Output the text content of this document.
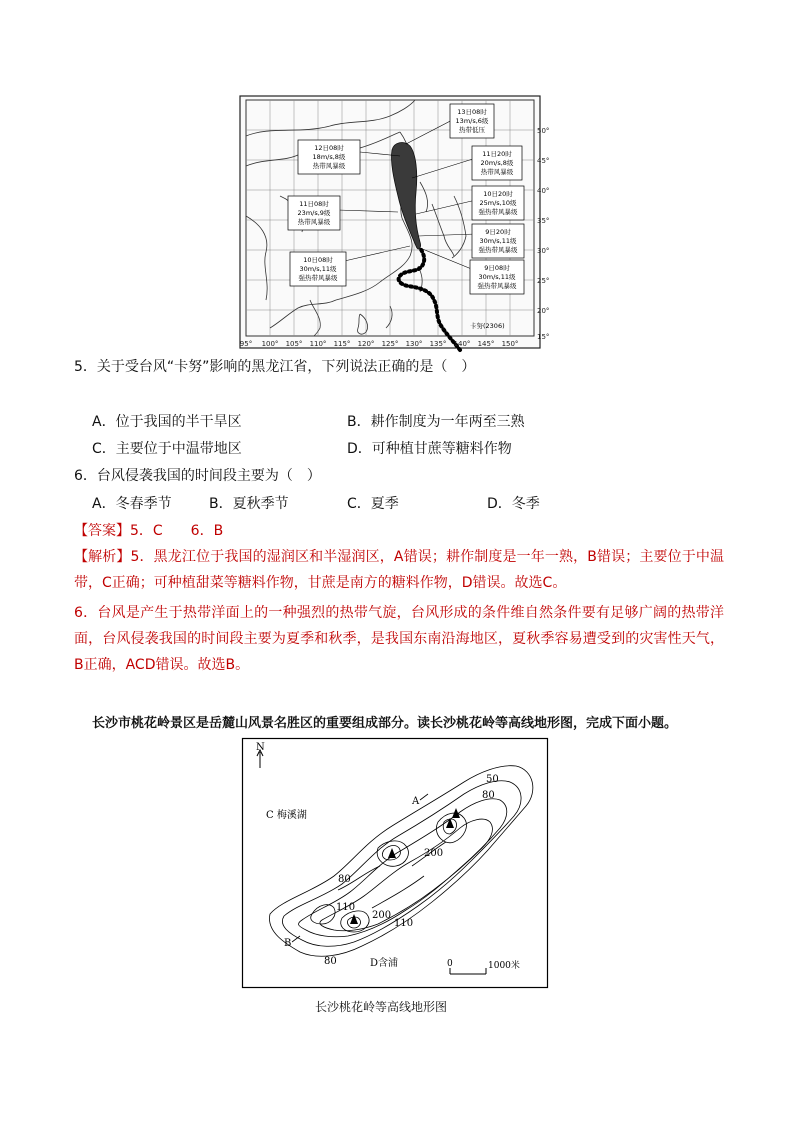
13日08时
13m/s,6级
热带低压
12日08时
18m/s,8级
热带风暴级
11日20时
20m/s,8级
热带风暴级
11日08时
23m/s,9级
热带风暴级
10日20时
25m/s,10级
强热带风暴级
9日20时
30m/s,11级
强热带风暴级
10日08时
30m/s,11级
强热带风暴级
9日08时
30m/s,11级
强热带风暴级
卡努(2306)
50°
45°
40°
35°
30°
25°
20°
15°
95° 100° 105° 110° 115° 120° 125° 130° 135° 140° 145° 150°
5．关于受台风“卡努”影响的黑龙江省，下列说法正确的是（　）
A．位于我国的半干旱区	B．耕作制度为一年两至三熟
C．主要位于中温带地区	D．可种植甘蔗等糖料作物
6．台风侵袭我国的时间段主要为（　）
A．冬春季节	B．夏秋季节	C．夏季	D．冬季
【答案】5．C　　6．B
【解析】5．黑龙江位于我国的湿润区和半湿润区，A错误；耕作制度是一年一熟，B错误；主要位于中温带，C正确；可种植甜菜等糖料作物，甘蔗是南方的糖料作物，D错误。故选C。
6．台风是产生于热带洋面上的一种强烈的热带气旋，台风形成的条件维自然条件要有足够广阔的热带洋面，台风侵袭我国的时间段主要为夏季和秋季，是我国东南沿海地区，夏秋季容易遭受到的灾害性天气，B正确，ACD错误。故选B。
长沙市桃花岭景区是岳麓山风景名胜区的重要组成部分。读长沙桃花岭等高线地形图，完成下面小题。
N
C 梅溪湖
D含浦
A
B
50
80
200
80
110
200
110
80	0	1000米
长沙桃花岭等高线地形图
